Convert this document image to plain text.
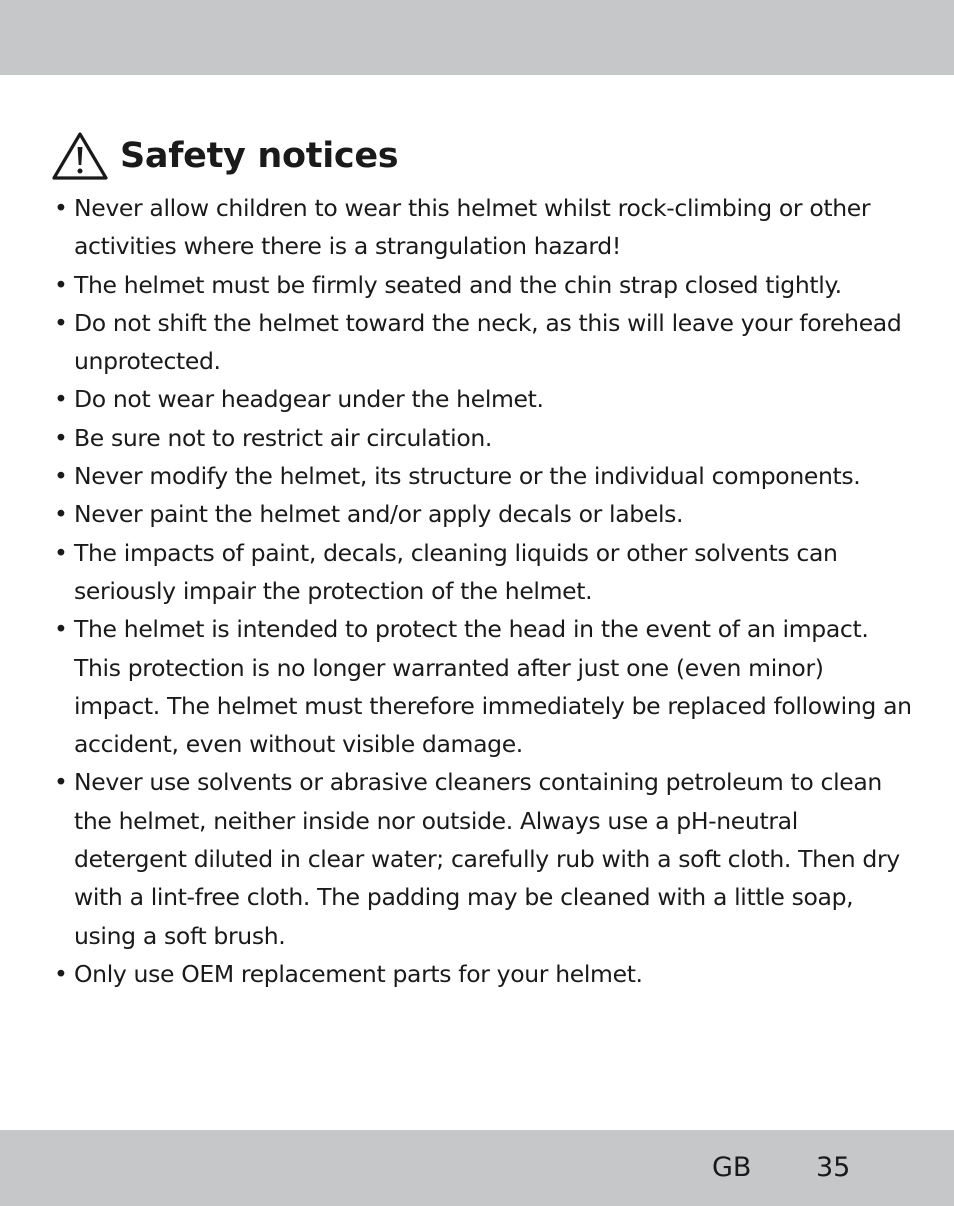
Safety notices
• Never allow children to wear this helmet whilst rock-climbing or other activities where there is a strangulation hazard!
• The helmet must be firmly seated and the chin strap closed tightly.
• Do not shift the helmet toward the neck, as this will leave your forehead unprotected.
• Do not wear headgear under the helmet.
• Be sure not to restrict air circulation.
• Never modify the helmet, its structure or the individual components.
• Never paint the helmet and/or apply decals or labels.
• The impacts of paint, decals, cleaning liquids or other solvents can seriously impair the protection of the helmet.
• The helmet is intended to protect the head in the event of an impact. This protection is no longer warranted after just one (even minor) impact. The helmet must therefore immediately be replaced following an accident, even without visible damage.
• Never use solvents or abrasive cleaners containing petroleum to clean the helmet, neither inside nor outside. Always use a pH-neutral detergent diluted in clear water; carefully rub with a soft cloth. Then dry with a lint-free cloth. The padding may be cleaned with a little soap, using a soft brush.
• Only use OEM replacement parts for your helmet.
GB 35
